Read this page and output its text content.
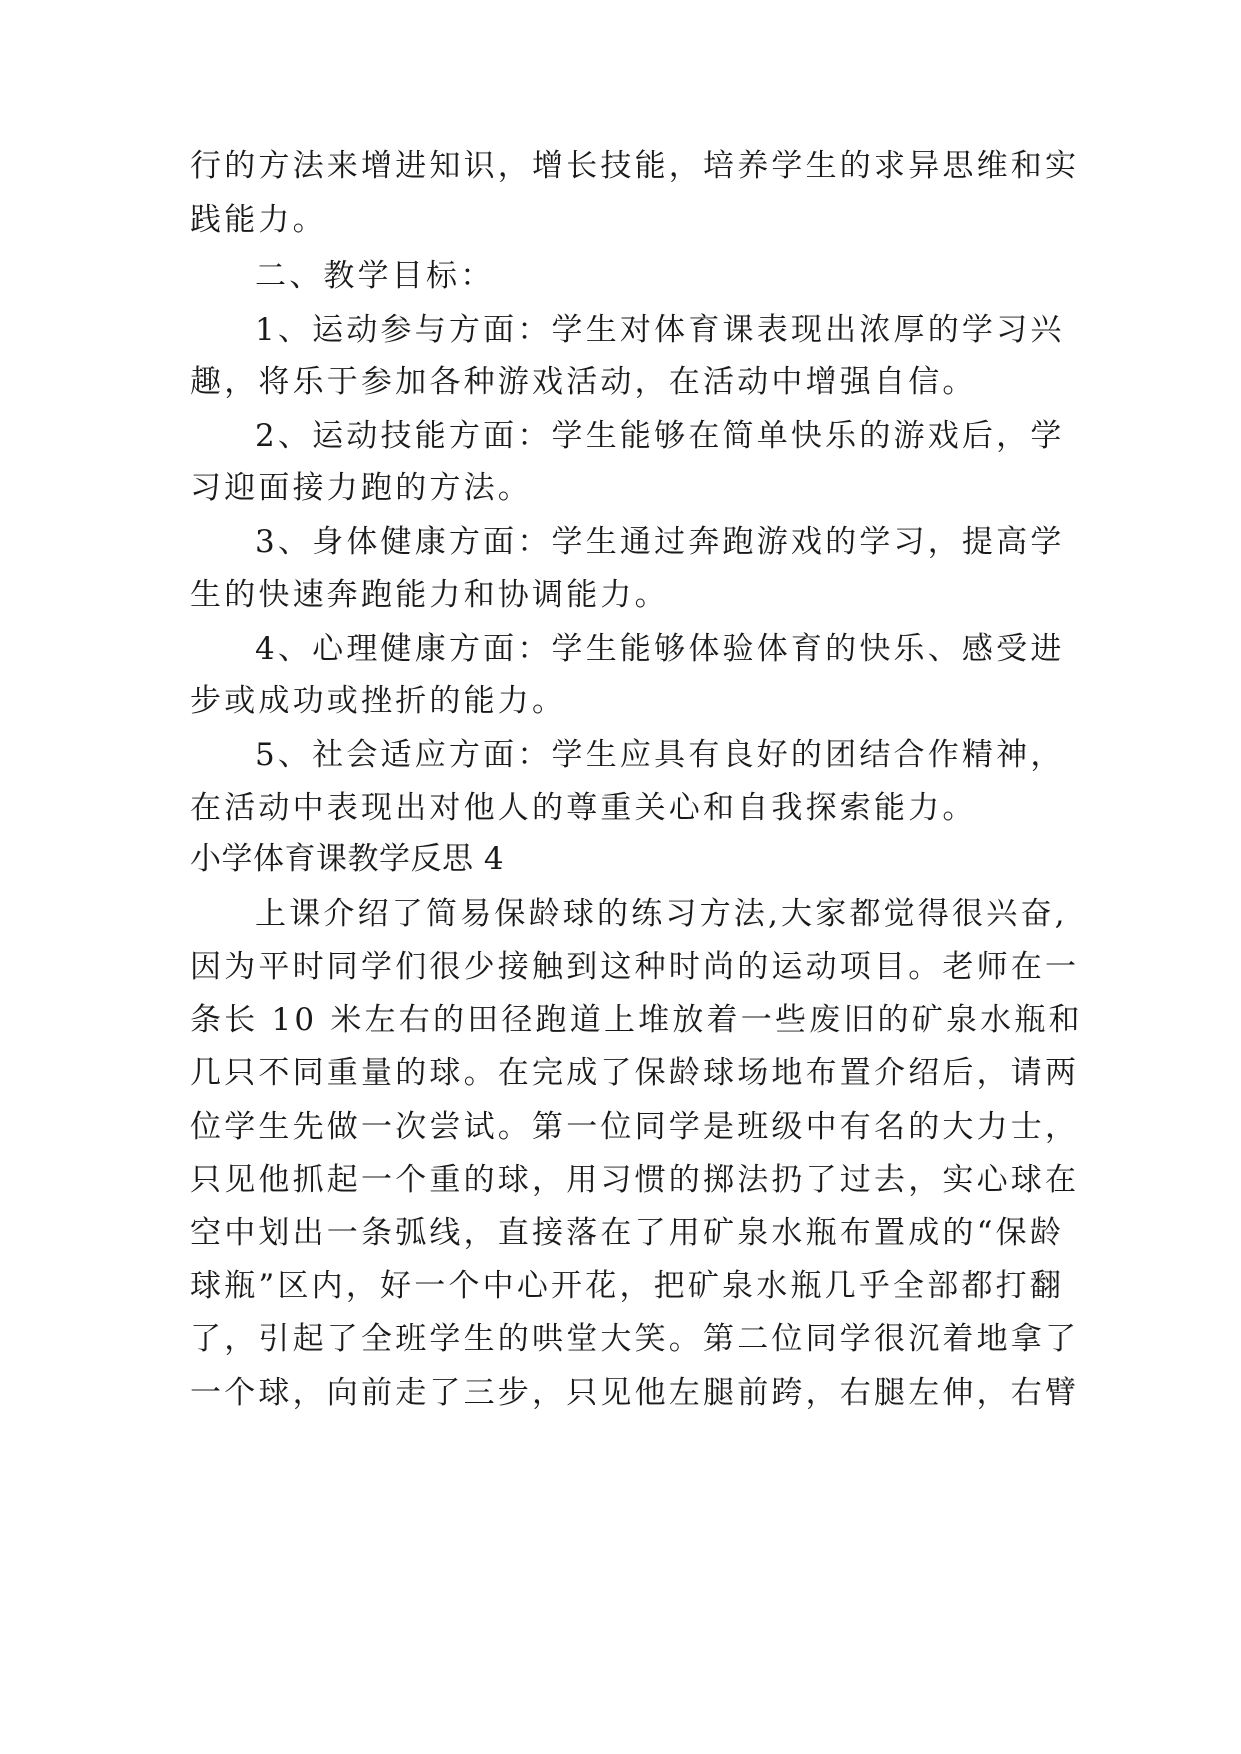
行的方法来增进知识，增长技能，培养学生的求异思维和实
践能力。
二、教学目标：
1、运动参与方面：学生对体育课表现出浓厚的学习兴
趣，将乐于参加各种游戏活动，在活动中增强自信。
2、运动技能方面：学生能够在简单快乐的游戏后，学
习迎面接力跑的方法。
3、身体健康方面：学生通过奔跑游戏的学习，提高学
生的快速奔跑能力和协调能力。
4、心理健康方面：学生能够体验体育的快乐、感受进
步或成功或挫折的能力。
5、社会适应方面：学生应具有良好的团结合作精神，
在活动中表现出对他人的尊重关心和自我探索能力。
小学体育课教学反思 4
上课介绍了简易保龄球的练习方法,大家都觉得很兴奋,
因为平时同学们很少接触到这种时尚的运动项目。老师在一
条长 10 米左右的田径跑道上堆放着一些废旧的矿泉水瓶和
几只不同重量的球。在完成了保龄球场地布置介绍后，请两
位学生先做一次尝试。第一位同学是班级中有名的大力士，
只见他抓起一个重的球，用习惯的掷法扔了过去，实心球在
空中划出一条弧线，直接落在了用矿泉水瓶布置成的“保龄
球瓶”区内，好一个中心开花，把矿泉水瓶几乎全部都打翻
了，引起了全班学生的哄堂大笑。第二位同学很沉着地拿了
一个球，向前走了三步，只见他左腿前跨，右腿左伸，右臂
